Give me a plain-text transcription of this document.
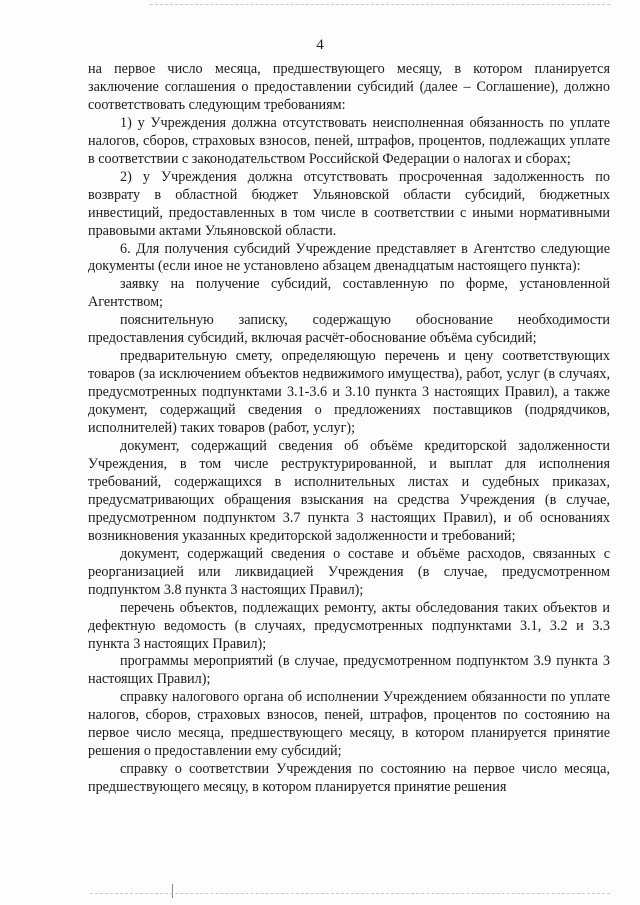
4

на первое число месяца, предшествующего месяцу, в котором планируется заключение соглашения о предоставлении субсидий (далее – Соглашение), должно соответствовать следующим требованиям:

1) у Учреждения должна отсутствовать неисполненная обязанность по уплате налогов, сборов, страховых взносов, пеней, штрафов, процентов, подлежащих уплате в соответствии с законодательством Российской Федерации о налогах и сборах;

2) у Учреждения должна отсутствовать просроченная задолженность по возврату в областной бюджет Ульяновской области субсидий, бюджетных инвестиций, предоставленных в том числе в соответствии с иными нормативными правовыми актами Ульяновской области.

6. Для получения субсидий Учреждение представляет в Агентство следующие документы (если иное не установлено абзацем двенадцатым настоящего пункта):

заявку на получение субсидий, составленную по форме, установленной Агентством;

пояснительную записку, содержащую обоснование необходимости предоставления субсидий, включая расчёт-обоснование объёма субсидий;

предварительную смету, определяющую перечень и цену соответствующих товаров (за исключением объектов недвижимого имущества), работ, услуг (в случаях, предусмотренных подпунктами 3.1-3.6 и 3.10 пункта 3 настоящих Правил), а также документ, содержащий сведения о предложениях поставщиков (подрядчиков, исполнителей) таких товаров (работ, услуг);

документ, содержащий сведения об объёме кредиторской задолженности Учреждения, в том числе реструктурированной, и выплат для исполнения требований, содержащихся в исполнительных листах и судебных приказах, предусматривающих обращения взыскания на средства Учреждения (в случае, предусмотренном подпунктом 3.7 пункта 3 настоящих Правил), и об основаниях возникновения указанных кредиторской задолженности и требований;

документ, содержащий сведения о составе и объёме расходов, связанных с реорганизацией или ликвидацией Учреждения (в случае, предусмотренном подпунктом 3.8 пункта 3 настоящих Правил);

перечень объектов, подлежащих ремонту, акты обследования таких объектов и дефектную ведомость (в случаях, предусмотренных подпунктами 3.1, 3.2 и 3.3 пункта 3 настоящих Правил);

программы мероприятий (в случае, предусмотренном подпунктом 3.9 пункта 3 настоящих Правил);

справку налогового органа об исполнении Учреждением обязанности по уплате налогов, сборов, страховых взносов, пеней, штрафов, процентов по состоянию на первое число месяца, предшествующего месяцу, в котором планируется принятие решения о предоставлении ему субсидий;

справку о соответствии Учреждения по состоянию на первое число месяца, предшествующего месяцу, в котором планируется принятие решения
